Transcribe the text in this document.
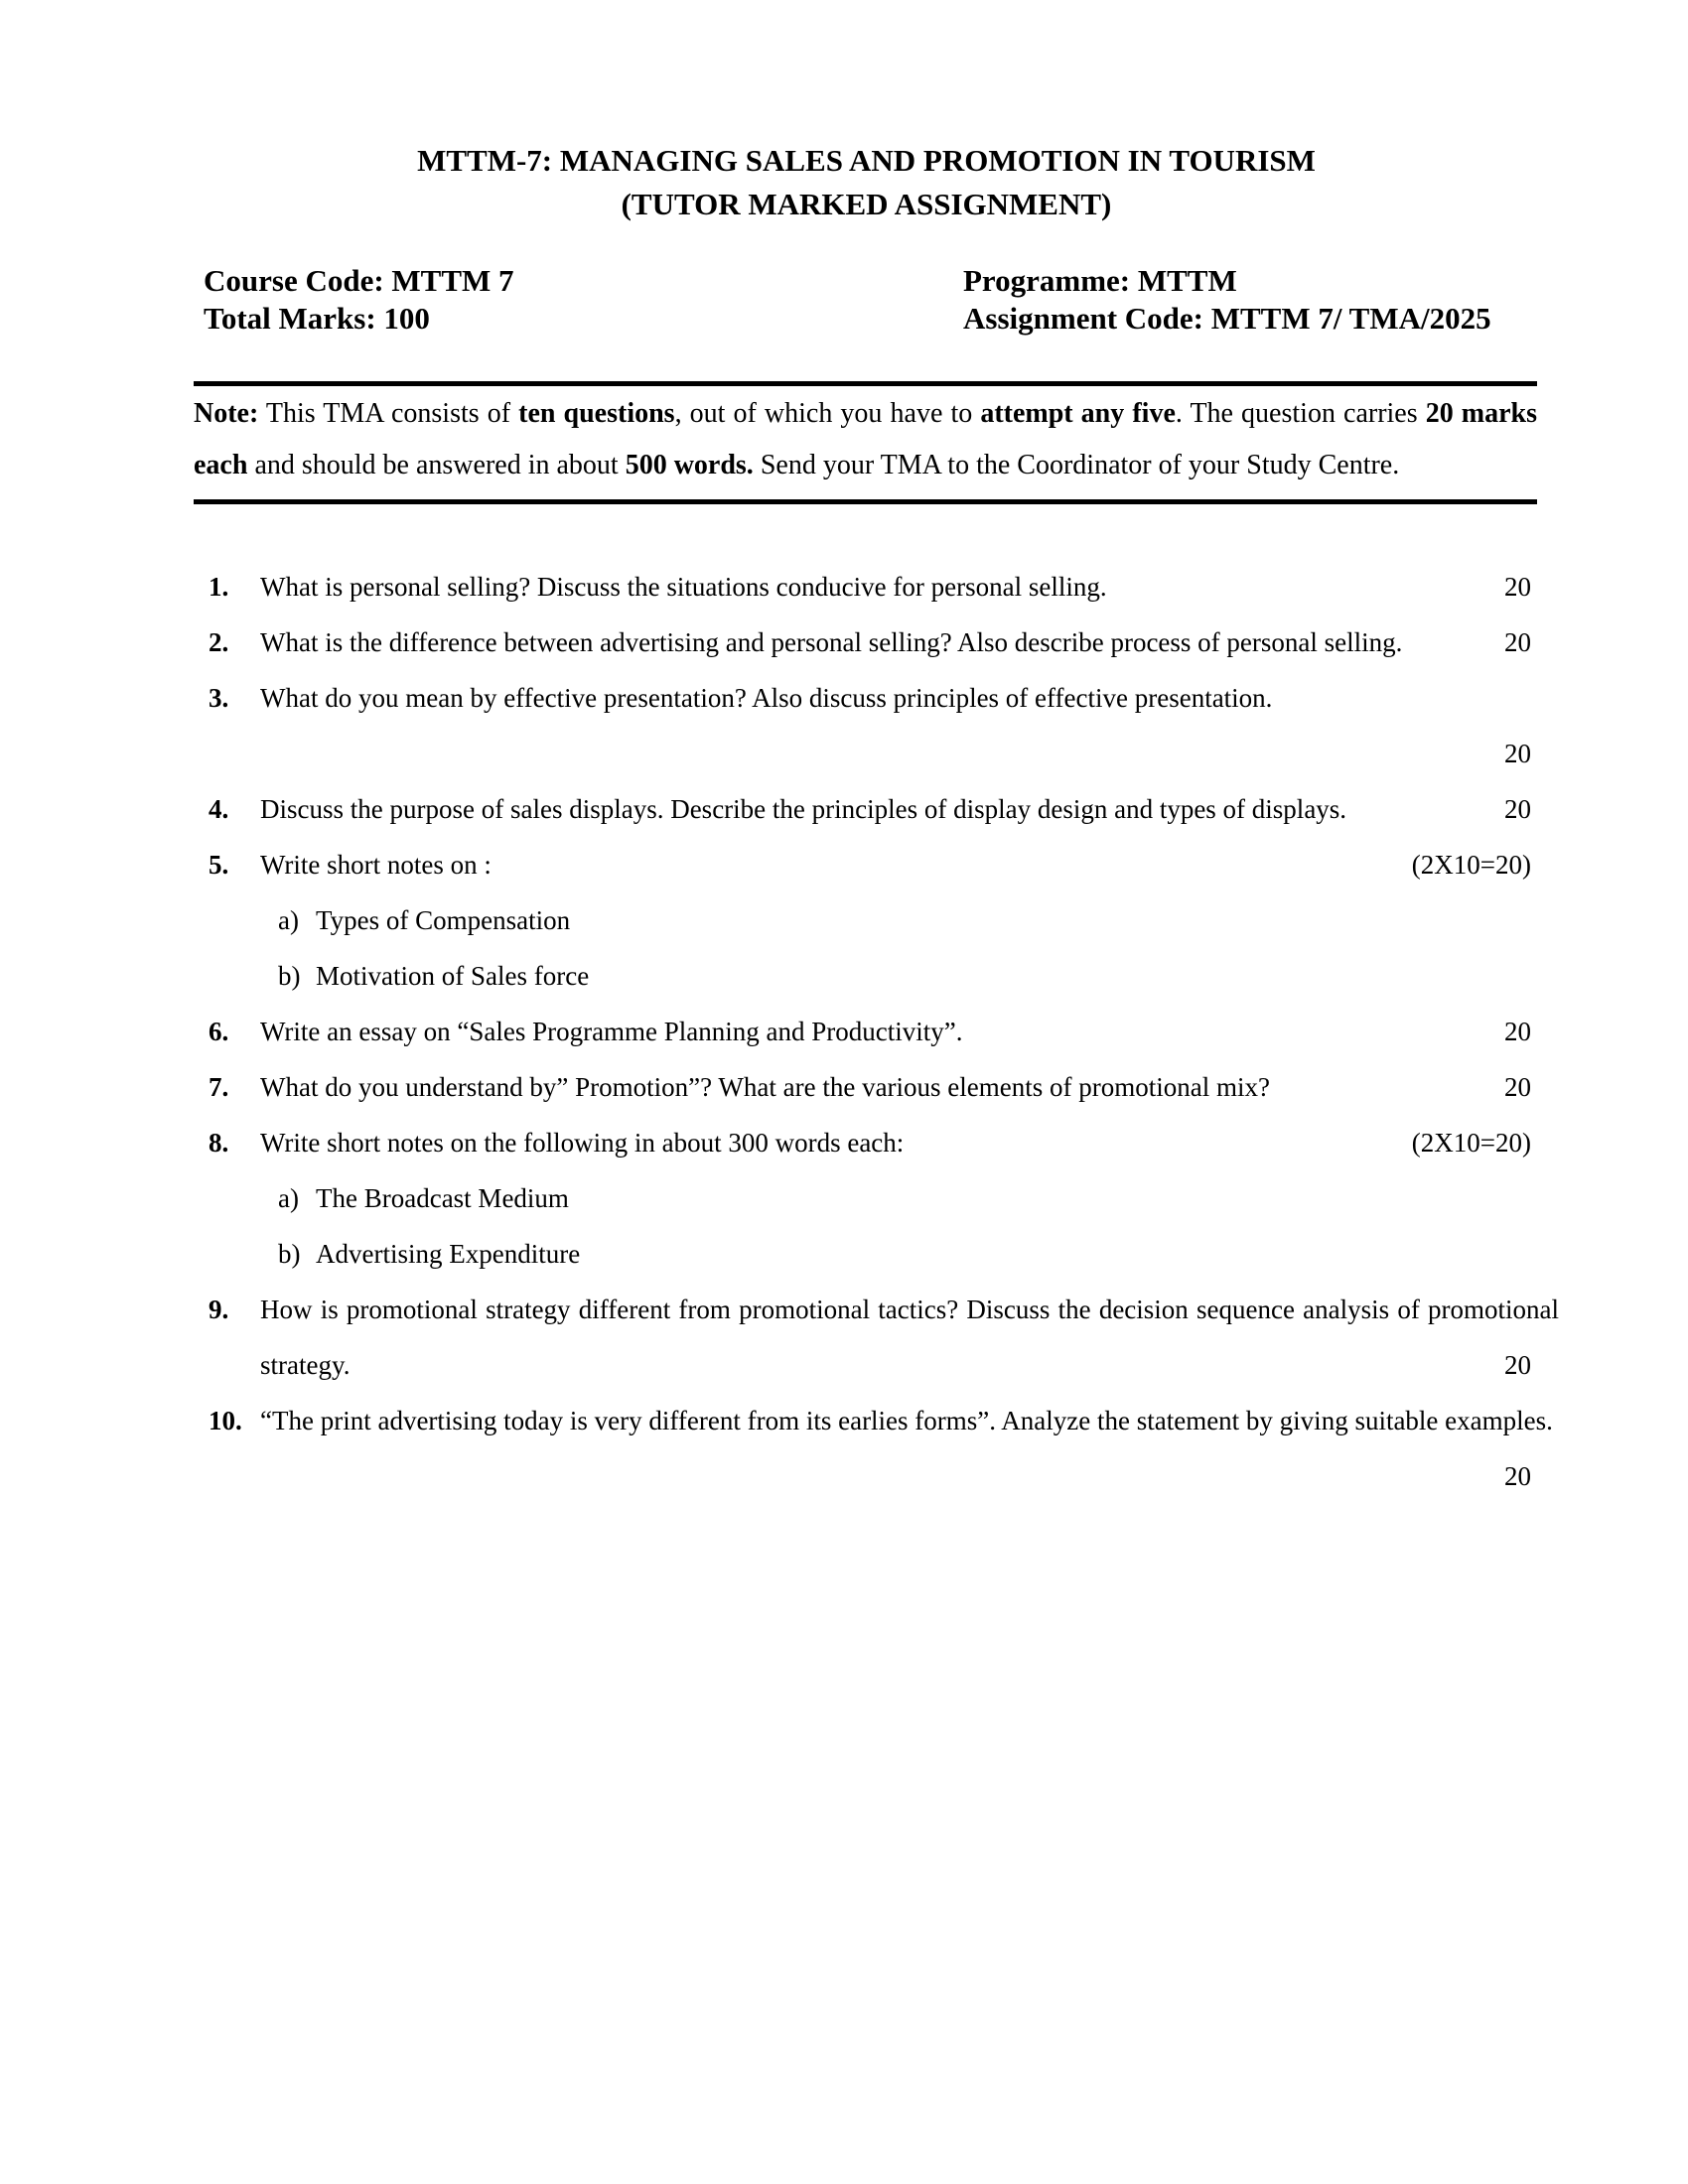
MTTM-7: MANAGING SALES AND PROMOTION IN TOURISM
(TUTOR MARKED ASSIGNMENT)
Course Code: MTTM 7	Programme: MTTM
Total Marks: 100	Assignment Code: MTTM 7/ TMA/2025

Note: This TMA consists of ten questions, out of which you have to attempt any five. The question carries 20 marks each and should be answered in about 500 words. Send your TMA to the Coordinator of your Study Centre.

1.	What is personal selling? Discuss the situations conducive for personal selling.	20
2.	What is the difference between advertising and personal selling? Also describe process of personal selling.	20
3.	What do you mean by effective presentation? Also discuss principles of effective presentation.
20
4.	Discuss the purpose of sales displays. Describe the principles of display design and types of displays.	20
5.	Write short notes on :	(2X10=20)
a) Types of Compensation
b) Motivation of Sales force
6.	Write an essay on “Sales Programme Planning and Productivity”.	20
7.	What do you understand by” Promotion”? What are the various elements of promotional mix?	20
8.	Write short notes on the following in about 300 words each:	(2X10=20)
a) The Broadcast Medium
b) Advertising Expenditure
9.	How is promotional strategy different from promotional tactics? Discuss the decision sequence analysis of promotional strategy.	20
10. “The print advertising today is very different from its earlies forms”. Analyze the statement by giving suitable examples.
20
